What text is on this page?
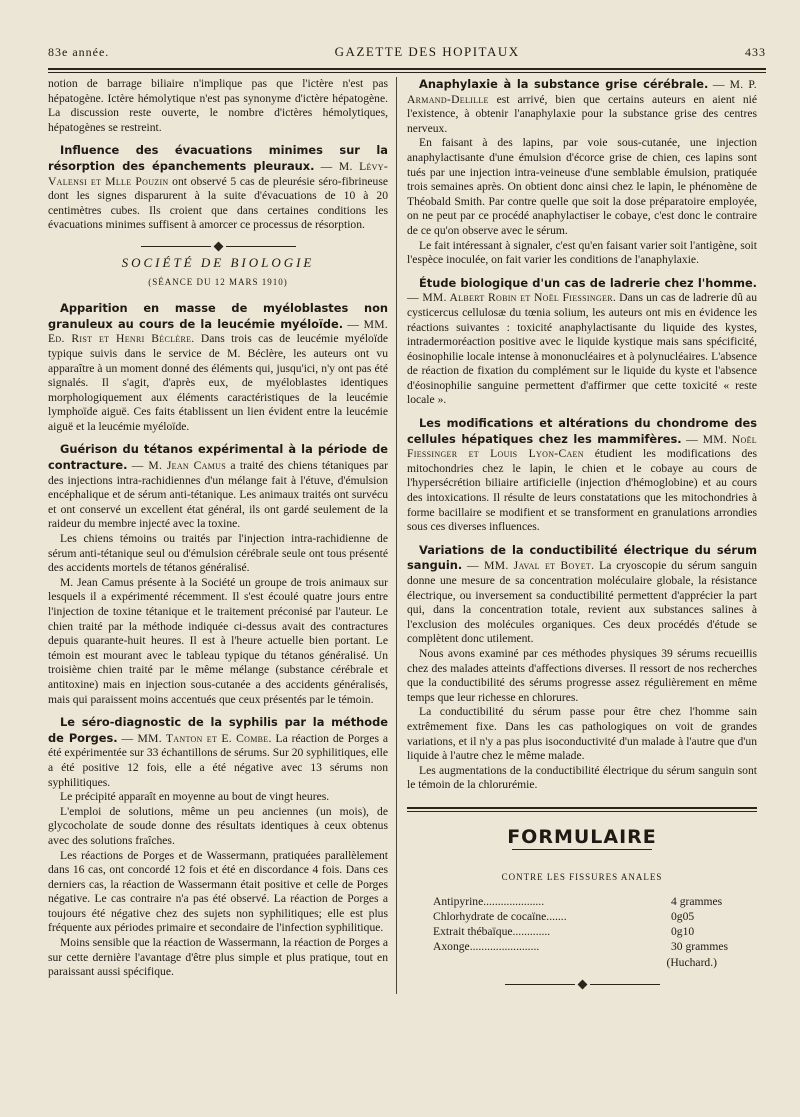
83e année.	GAZETTE DES HOPITAUX	433

notion de barrage biliaire n'implique pas que l'ictère n'est pas hépatogène. Ictère hémolytique n'est pas synonyme d'ictère hépatogène. La discussion reste ouverte, le nombre d'ictères hémolytiques, hépatogènes se restreint.

Influence des évacuations minimes sur la résorption des épanchements pleuraux. — M. Lévy-Valensi et Mlle Pouzin ont observé 5 cas de pleurésie séro-fibrineuse dont les signes disparurent à la suite d'évacuations de 10 à 20 centimètres cubes. Ils croient que dans certaines conditions les évacuations minimes suffisent à amorcer ce processus de résorption.

SOCIÉTÉ DE BIOLOGIE
(SÉANCE DU 12 MARS 1910)

Apparition en masse de myéloblastes non granuleux au cours de la leucémie myéloïde. — MM. Ed. Rist et Henri Béclère. Dans trois cas de leucémie myéloïde typique suivis dans le service de M. Béclère, les auteurs ont vu apparaître à un moment donné des éléments qui, jusqu'ici, n'y ont pas été signalés. Il s'agit, d'après eux, de myéloblastes identiques morphologiquement aux éléments caractéristiques de la leucémie lymphoïde aiguë. Ces faits établissent un lien évident entre la leucémie aiguë et la leucémie myéloïde.

Guérison du tétanos expérimental à la période de contracture. — M. Jean Camus a traité des chiens tétaniques par des injections intra-rachidiennes d'un mélange fait à l'étuve, d'émulsion encéphalique et de sérum anti-tétanique. Les animaux traités ont survécu et ont conservé un excellent état général, ils ont gardé seulement de la raideur du membre injecté avec la toxine.

Les chiens témoins ou traités par l'injection intra-rachidienne de sérum anti-tétanique seul ou d'émulsion cérébrale seule ont tous présenté des accidents mortels de tétanos généralisé.

M. Jean Camus présente à la Société un groupe de trois animaux sur lesquels il a expérimenté récemment. Il s'est écoulé quatre jours entre l'injection de toxine tétanique et le traitement préconisé par l'auteur. Le chien traité par la méthode indiquée ci-dessus avait des contractures depuis quarante-huit heures. Il est à l'heure actuelle bien portant. Le témoin est mourant avec le tableau typique du tétanos généralisé. Un troisième chien traité par le même mélange (substance cérébrale et antitoxine) mais en injection sous-cutanée a des accidents généralisés, mais qui paraissent moins accentués que ceux présentés par le témoin.

Le séro-diagnostic de la syphilis par la méthode de Porges. — MM. Tanton et E. Combe. La réaction de Porges a été expérimentée sur 33 échantillons de sérums. Sur 20 syphilitiques, elle a été positive 12 fois, elle a été négative avec 13 sérums non syphilitiques.

Le précipité apparaît en moyenne au bout de vingt heures.

L'emploi de solutions, même un peu anciennes (un mois), de glycocholate de soude donne des résultats identiques à ceux obtenus avec des solutions fraîches.

Les réactions de Porges et de Wassermann, pratiquées parallèlement dans 16 cas, ont concordé 12 fois et été en discordance 4 fois. Dans ces derniers cas, la réaction de Wassermann était positive et celle de Porges négative. Le cas contraire n'a pas été observé. La réaction de Porges a toujours été négative chez des sujets non syphilitiques; elle est plus fréquente aux périodes primaire et secondaire de l'infection syphilitique.

Moins sensible que la réaction de Wassermann, la réaction de Porges a sur cette dernière l'avantage d'être plus simple et plus pratique, tout en paraissant aussi spécifique.

Anaphylaxie à la substance grise cérébrale. — M. P. Armand-Delille est arrivé, bien que certains auteurs en aient nié l'existence, à obtenir l'anaphylaxie pour la substance grise des centres nerveux.

En faisant à des lapins, par voie sous-cutanée, une injection anaphylactisante d'une émulsion d'écorce grise de chien, ces lapins sont tués par une injection intra-veineuse d'une semblable émulsion, pratiquée trois semaines après. On obtient donc ainsi chez le lapin, le phénomène de Théobald Smith. Par contre quelle que soit la dose préparatoire employée, on ne peut par ce procédé anaphylactiser le cobaye, c'est donc le contraire de ce qu'on observe avec le sérum.

Le fait intéressant à signaler, c'est qu'en faisant varier soit l'antigène, soit l'espèce inoculée, on fait varier les conditions de l'anaphylaxie.

Étude biologique d'un cas de ladrerie chez l'homme. — MM. Albert Robin et Noël Fiessinger. Dans un cas de ladrerie dû au cysticercus cellulosæ du tœnia solium, les auteurs ont mis en évidence les réactions suivantes : toxicité anaphylactisante du liquide des kystes, intradermoréaction positive avec le liquide kystique mais sans spécificité, éosinophilie locale intense à mononucléaires et à polynucléaires. L'absence de réaction de fixation du complément sur le liquide du kyste et l'absence d'éosinophilie sanguine permettent d'affirmer que cette toxicité « reste locale ».

Les modifications et altérations du chondrome des cellules hépatiques chez les mammifères. — MM. Noël Fiessinger et Louis Lyon-Caen étudient les modifications des mitochondries chez le lapin, le chien et le cobaye au cours de l'hypersécrétion biliaire artificielle (injection d'hémoglobine) et au cours des intoxications. Il résulte de leurs constatations que les mitochondries à forme bacillaire se modifient et se transforment en granulations arrondies sous ces diverses influences.

Variations de la conductibilité électrique du sérum sanguin. — MM. Javal et Boyet. La cryoscopie du sérum sanguin donne une mesure de sa concentration moléculaire globale, la résistance électrique, ou inversement sa conductibilité permettent d'apprécier la part qui, dans la concentration totale, revient aux substances salines à l'exclusion des molécules organiques. Ces deux procédés d'étude se complètent donc utilement.

Nous avons examiné par ces méthodes physiques 39 sérums recueillis chez des malades atteints d'affections diverses. Il ressort de nos recherches que la conductibilité des sérums progresse assez régulièrement en même temps que leur richesse en chlorures.

La conductibilité du sérum passe pour être chez l'homme sain extrêmement fixe. Dans les cas pathologiques on voit de grandes variations, et il n'y a pas plus isoconductivité d'un malade à l'autre que d'un liquide à l'autre chez le même malade.

Les augmentations de la conductibilité électrique du sérum sanguin sont le témoin de la chlorurémie.

FORMULAIRE
CONTRE LES FISSURES ANALES
Antipyrine.....................	4 grammes
Chlorhydrate de cocaïne.......	0g05
Extrait thébaïque.............	0g10
Axonge........................	30 grammes
(Huchard.)
